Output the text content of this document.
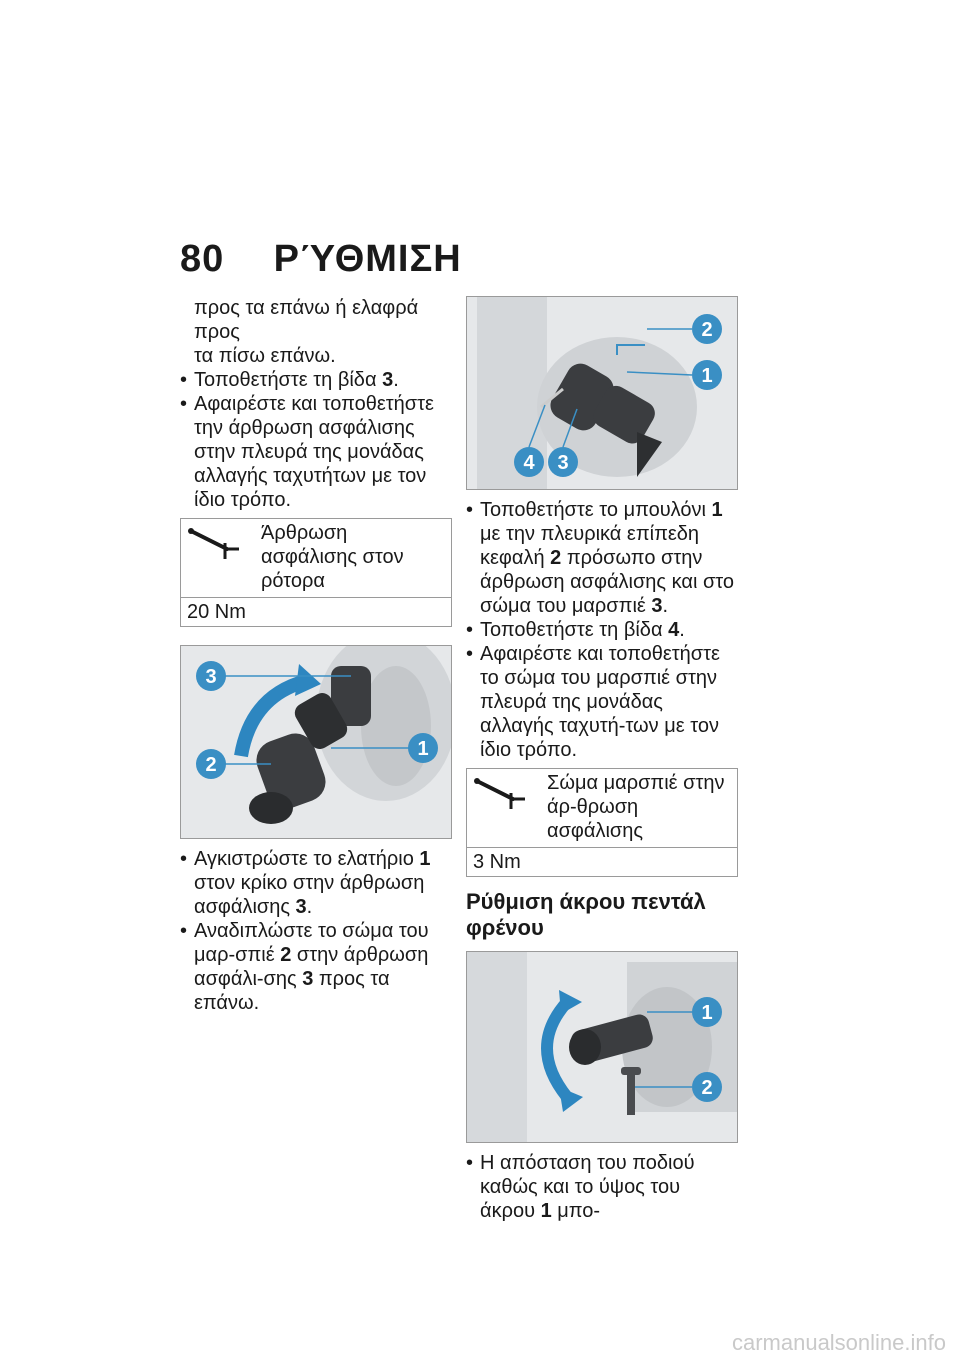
80 ΡΎΘΜΙΣΗ

προς τα επάνω ή ελαφρά προς
τα πίσω επάνω.

• Τοποθετήστε τη βίδα 3.

• Αφαιρέστε και τοποθετήστε την άρθρωση ασφάλισης στην πλευρά της μονάδας αλλαγής ταχυτήτων με τον ίδιο τρόπο.

Άρθρωση ασφάλισης στον ρότορα
20 Nm
3
2
1

• Αγκιστρώστε το ελατήριο 1 στον κρίκο στην άρθρωση ασφάλισης 3.

• Αναδιπλώστε το σώμα του μαρ-σπιέ 2 στην άρθρωση ασφάλι-σης 3 προς τα επάνω.

2
1
4 3

• Τοποθετήστε το μπουλόνι 1 με την πλευρικά επίπεδη κεφαλή 2 πρόσωπο στην άρθρωση ασφάλισης και στο σώμα του μαρσπιέ 3.

• Τοποθετήστε τη βίδα 4.

• Αφαιρέστε και τοποθετήστε το σώμα του μαρσπιέ στην πλευρά της μονάδας αλλαγής ταχυτή-των με τον ίδιο τρόπο.

Σώμα μαρσπιέ στην άρ-θρωση ασφάλισης
3 Nm
Ρύθμιση άκρου πεντάλ φρένου
1
2

• Η απόσταση του ποδιού καθώς και το ύψος του άκρου 1 μπο-

carmanualsonline.info
